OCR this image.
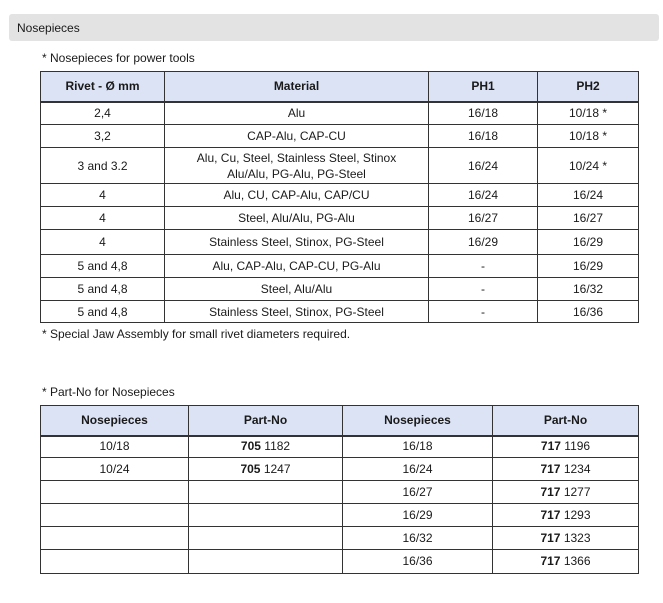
Nosepieces
* Nosepieces for power tools
Rivet - Ø mm	Material	PH1	PH2
2,4	Alu	16/18	10/18 *
3,2	CAP-Alu, CAP-CU	16/18	10/18 *
3 and 3.2	Alu, Cu, Steel, Stainless Steel, Stinox Alu/Alu, PG-Alu, PG-Steel	16/24	10/24 *
4	Alu, CU, CAP-Alu, CAP/CU	16/24	16/24
4	Steel, Alu/Alu, PG-Alu	16/27	16/27
4	Stainless Steel, Stinox, PG-Steel	16/29	16/29
5 and 4,8	Alu, CAP-Alu, CAP-CU, PG-Alu	-	16/29
5 and 4,8	Steel, Alu/Alu	-	16/32
5 and 4,8	Stainless Steel, Stinox, PG-Steel	-	16/36
* Special Jaw Assembly for small rivet diameters required.
* Part-No for Nosepieces
Nosepieces	Part-No	Nosepieces	Part-No
10/18	705 1182	16/18	717 1196
10/24	705 1247	16/24	717 1234
		16/27	717 1277
		16/29	717 1293
		16/32	717 1323
		16/36	717 1366
